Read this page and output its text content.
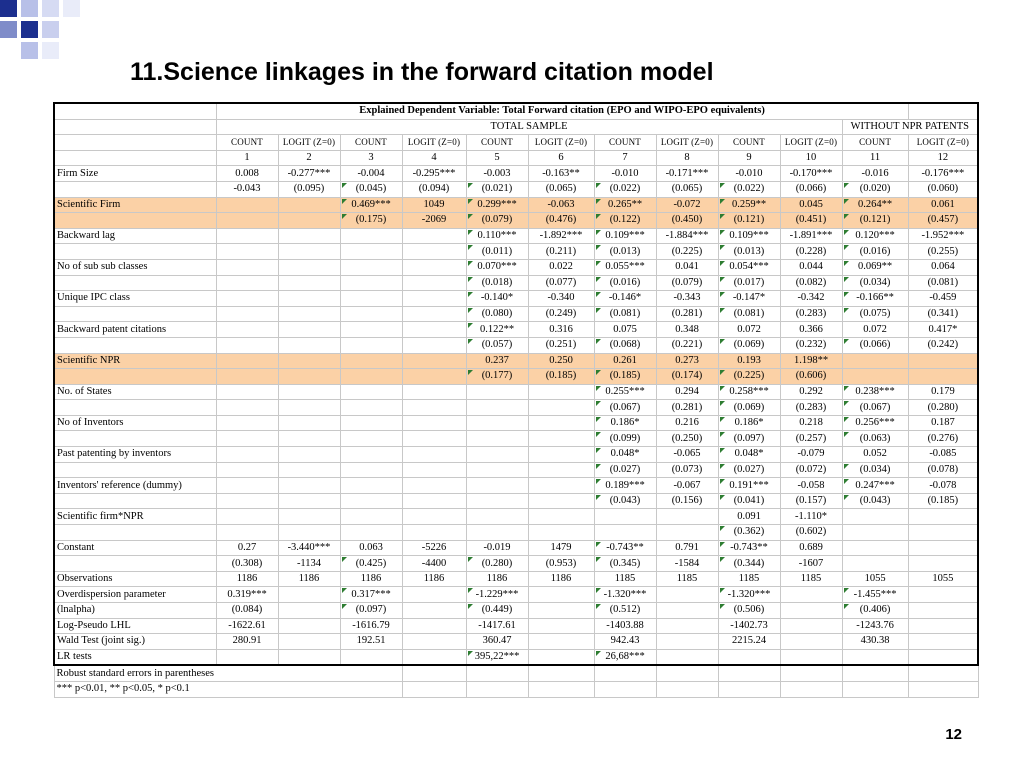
11.Science linkages in the forward citation model
	Explained Dependent Variable: Total Forward citation (EPO and WIPO-EPO equivalents)											
	TOTAL SAMPLE										WITHOUT NPR PATENTS	
	COUNT	LOGIT (Z=0)	COUNT	LOGIT (Z=0)	COUNT	LOGIT (Z=0)	COUNT	LOGIT (Z=0)	COUNT	LOGIT (Z=0)	COUNT	LOGIT (Z=0)
	1	2	3	4	5	6	7	8	9	10	11	12
Firm Size	0.008	-0.277***	-0.004	-0.295***	-0.003	-0.163**	-0.010	-0.171***	-0.010	-0.170***	-0.016	-0.176***
	-0.043	(0.095)	(0.045)	(0.094)	(0.021)	(0.065)	(0.022)	(0.065)	(0.022)	(0.066)	(0.020)	(0.060)
Scientific Firm			0.469***	1049	0.299***	-0.063	0.265**	-0.072	0.259**	0.045	0.264**	0.061
			(0.175)	-2069	(0.079)	(0.476)	(0.122)	(0.450)	(0.121)	(0.451)	(0.121)	(0.457)
Backward lag					0.110***	-1.892***	0.109***	-1.884***	0.109***	-1.891***	0.120***	-1.952***
					(0.011)	(0.211)	(0.013)	(0.225)	(0.013)	(0.228)	(0.016)	(0.255)
No of sub sub classes					0.070***	0.022	0.055***	0.041	0.054***	0.044	0.069**	0.064
					(0.018)	(0.077)	(0.016)	(0.079)	(0.017)	(0.082)	(0.034)	(0.081)
Unique IPC class					-0.140*	-0.340	-0.146*	-0.343	-0.147*	-0.342	-0.166**	-0.459
					(0.080)	(0.249)	(0.081)	(0.281)	(0.081)	(0.283)	(0.075)	(0.341)
Backward patent citations					0.122**	0.316	0.075	0.348	0.072	0.366	0.072	0.417*
					(0.057)	(0.251)	(0.068)	(0.221)	(0.069)	(0.232)	(0.066)	(0.242)
Scientific NPR					0.237	0.250	0.261	0.273	0.193	1.198**		
					(0.177)	(0.185)	(0.185)	(0.174)	(0.225)	(0.606)		
No. of States							0.255***	0.294	0.258***	0.292	0.238***	0.179
							(0.067)	(0.281)	(0.069)	(0.283)	(0.067)	(0.280)
No of Inventors							0.186*	0.216	0.186*	0.218	0.256***	0.187
							(0.099)	(0.250)	(0.097)	(0.257)	(0.063)	(0.276)
Past patenting by inventors							0.048*	-0.065	0.048*	-0.079	0.052	-0.085
							(0.027)	(0.073)	(0.027)	(0.072)	(0.034)	(0.078)
Inventors' reference (dummy)							0.189***	-0.067	0.191***	-0.058	0.247***	-0.078
							(0.043)	(0.156)	(0.041)	(0.157)	(0.043)	(0.185)
Scientific firm*NPR									0.091	-1.110*		
									(0.362)	(0.602)		
Constant	0.27	-3.440***	0.063	-5226	-0.019	1479	-0.743**	0.791	-0.743**	0.689		
	(0.308)	-1134	(0.425)	-4400	(0.280)	(0.953)	(0.345)	-1584	(0.344)	-1607		
Observations	1186	1186	1186	1186	1186	1186	1185	1185	1185	1185	1055	1055
Overdispersion parameter	0.319***		0.317***		-1.229***		-1.320***		-1.320***		-1.455***	
(lnalpha)	(0.084)		(0.097)		(0.449)		(0.512)		(0.506)		(0.406)	
Log-Pseudo LHL	-1622.61		-1616.79		-1417.61		-1403.88		-1402.73		-1243.76	
Wald Test (joint sig.)	280.91		192.51		360.47		942.43		2215.24		430.38	
LR tests					395,22***		26,68***					
Robust standard errors in parentheses												
*** p<0.01, ** p<0.05, * p<0.1												
12
